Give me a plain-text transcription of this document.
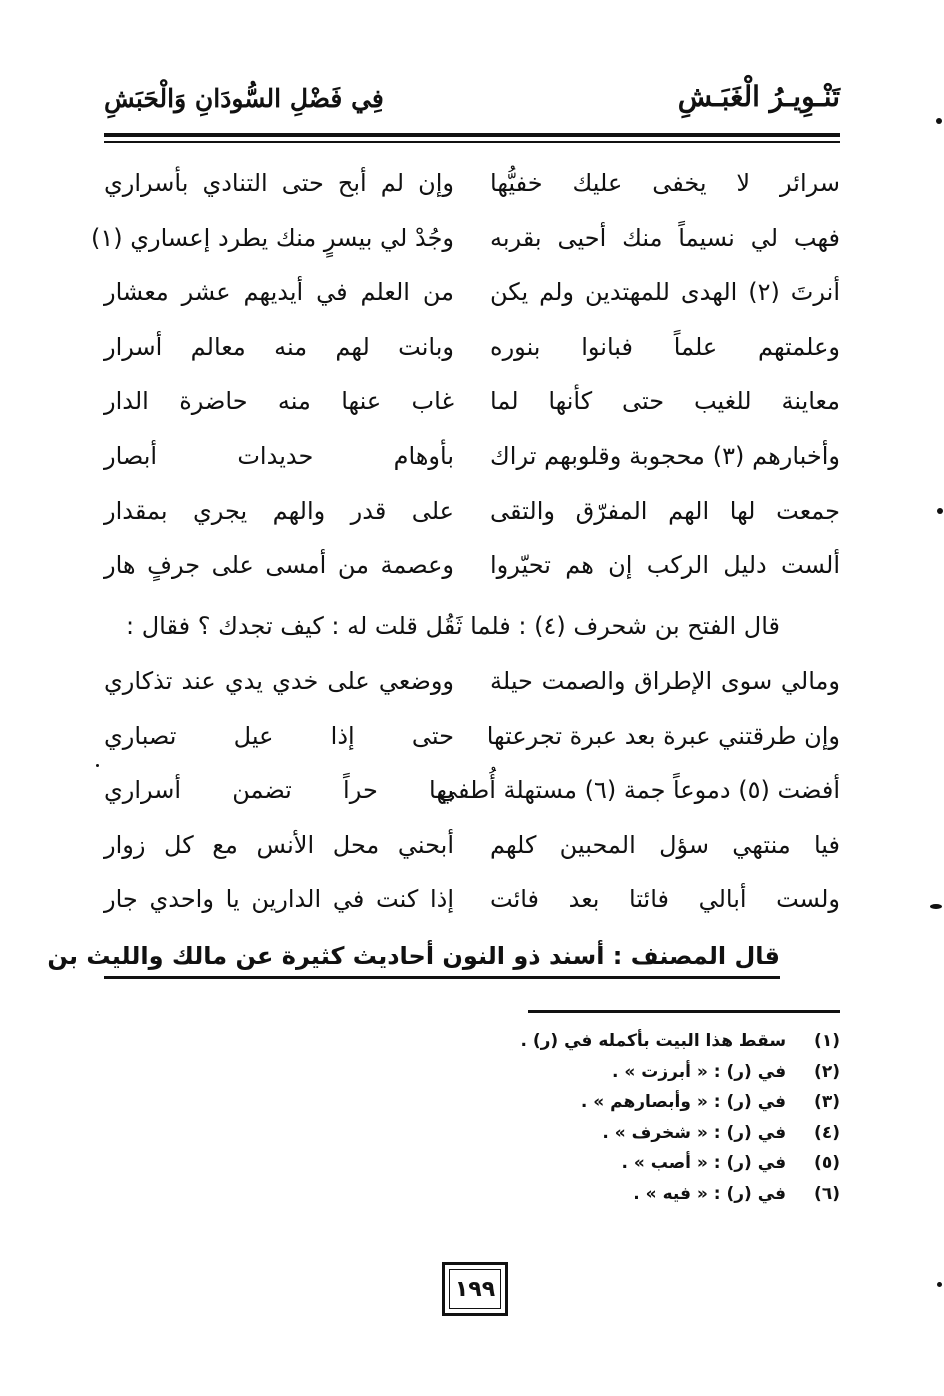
تَنْـوِيـرُ الْغَبَـشِ
فِي فَضْلِ السُّودَانِ وَالْحَبَشِ
سرائر لا يخفى عليك خفيُّها
وإن لم أبح حتى التنادي بأسراري
فهب لي نسيماً منك أحيى بقربه
وجُدْ لي بيسرٍ منك يطرد إعساري (١)
أنرتَ (٢) الهدى للمهتدين ولم يكن
من العلم في أيديهم عشر معشار
وعلمتهم علماً فبانوا بنوره
وبانت لهم منه معالم أسرار
معاينة للغيب حتى كأنها لما
غاب عنها منه حاضرة الدار
وأخبارهم (٣) محجوبة وقلوبهم تراك
بأوهام حديدات أبصار
جمعت لها الهم المفرّق والتقى
على قدر والهم يجري بمقدار
ألست دليل الركب إن هم تحيّروا
وعصمة من أمسى على جرفٍ هار
قال الفتح بن شحرف (٤) : فلما ثَقُل قلت له : كيف تجدك ؟ فقال :
ومالي سوى الإطراق والصمت حيلة
ووضعي على خدي يدي عند تذكاري
وإن طرقتني عبرة بعد عبرة تجرعتها
حتى إذا عيل تصباري
أفضت (٥) دموعاً جمة (٦) مستهلة أُطفي
بها حراً تضمن أسراري
فيا منتهي سؤل المحبين كلهم
أبحني محل الأنس مع كل زوار
ولست أبالي فائتا بعد فائت
إذا كنت في الدارين يا واحدي جار
قال المصنف : أسند ذو النون أحاديث كثيرة عن مالك والليث بن
(١) سقط هذا البيت بأكمله في (ر) .
(٢) في (ر) : « أبرزت » .
(٣) في (ر) : « وأبصارهم » .
(٤) في (ر) : « شخرف » .
(٥) في (ر) : « أصب » .
(٦) في (ر) : « فيه » .
١٩٩
